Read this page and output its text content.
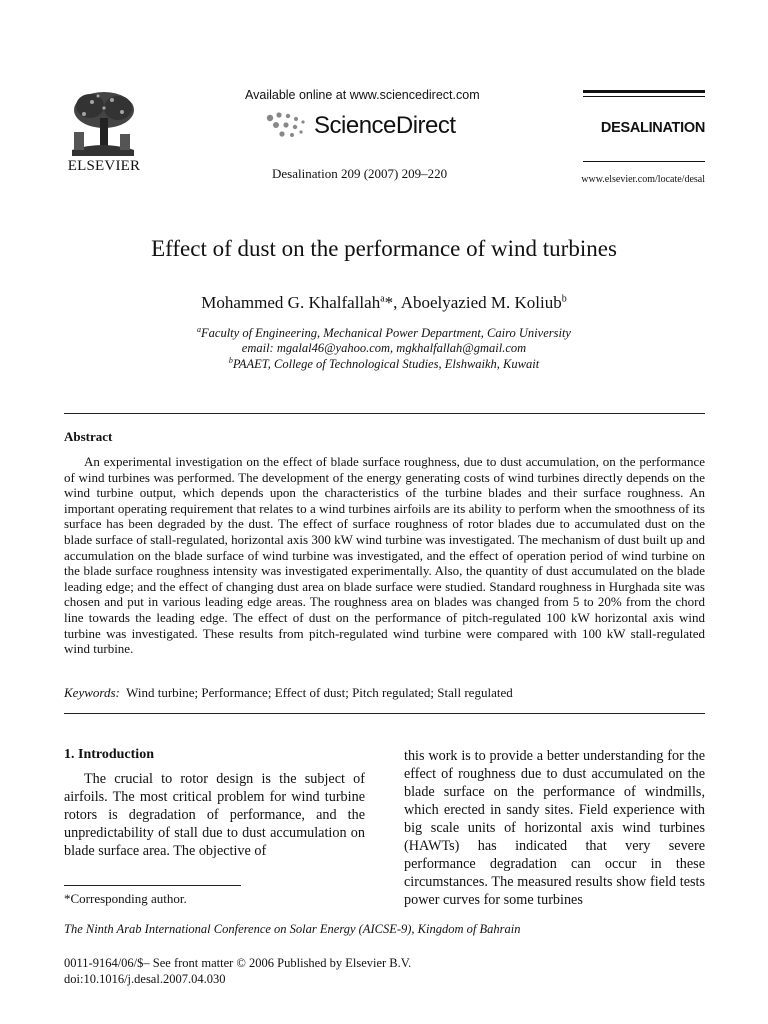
ELSEVIER
Available online at www.sciencedirect.com
ScienceDirect
Desalination 209 (2007) 209–220
DESALINATION
www.elsevier.com/locate/desal
Effect of dust on the performance of wind turbines
Mohammed G. Khalfallah$^a$*, Aboelyazied M. Koliub$^b$
$^a$Faculty of Engineering, Mechanical Power Department, Cairo University
email: mgalal46@yahoo.com, mgkhalfallah@gmail.com
$^b$PAAET, College of Technological Studies, Elshwaikh, Kuwait
Abstract

An experimental investigation on the effect of blade surface roughness, due to dust accumulation, on the performance of wind turbines was performed. The development of the energy generating costs of wind turbines directly depends on the wind turbine output, which depends upon the characteristics of the turbine blades and their surface roughness. An important operating requirement that relates to a wind turbines airfoils are its ability to perform when the smoothness of its surface has been degraded by the dust. The effect of surface roughness of rotor blades due to accumulated dust on the blade surface of stall-regulated, horizontal axis 300 kW wind turbine was investigated. The mechanism of dust built up and accumulation on the blade surface of wind turbine was investigated, and the effect of operation period of wind turbine on the blade surface roughness intensity was investigated experimentally. Also, the quantity of dust accumulated on the blade leading edge; and the effect of changing dust area on blade surface were studied. Standard roughness in Hurghada site was chosen and put in various leading edge areas. The roughness area on blades was changed from 5 to 20% from the chord line towards the leading edge. The effect of dust on the performance of pitch-regulated 100 kW horizontal axis wind turbine was investigated. These results from pitch-regulated wind turbine were compared with 100 kW stall-regulated wind turbine.

Keywords: Wind turbine; Performance; Effect of dust; Pitch regulated; Stall regulated
1. Introduction

The crucial to rotor design is the subject of airfoils. The most critical problem for wind turbine rotors is degradation of performance, and the unpredictability of stall due to dust accumulation on blade surface area. The objective of

this work is to provide a better understanding for the effect of roughness due to dust accumulated on the blade surface on the performance of windmills, which erected in sandy sites. Field experience with big scale units of horizontal axis wind turbines (HAWTs) has indicated that very severe performance degradation can occur in these circumstances. The measured results show field tests power curves for some turbines

*Corresponding author.
The Ninth Arab International Conference on Solar Energy (AICSE-9), Kingdom of Bahrain
0011-9164/06/$– See front matter © 2006 Published by Elsevier B.V.
doi:10.1016/j.desal.2007.04.030
